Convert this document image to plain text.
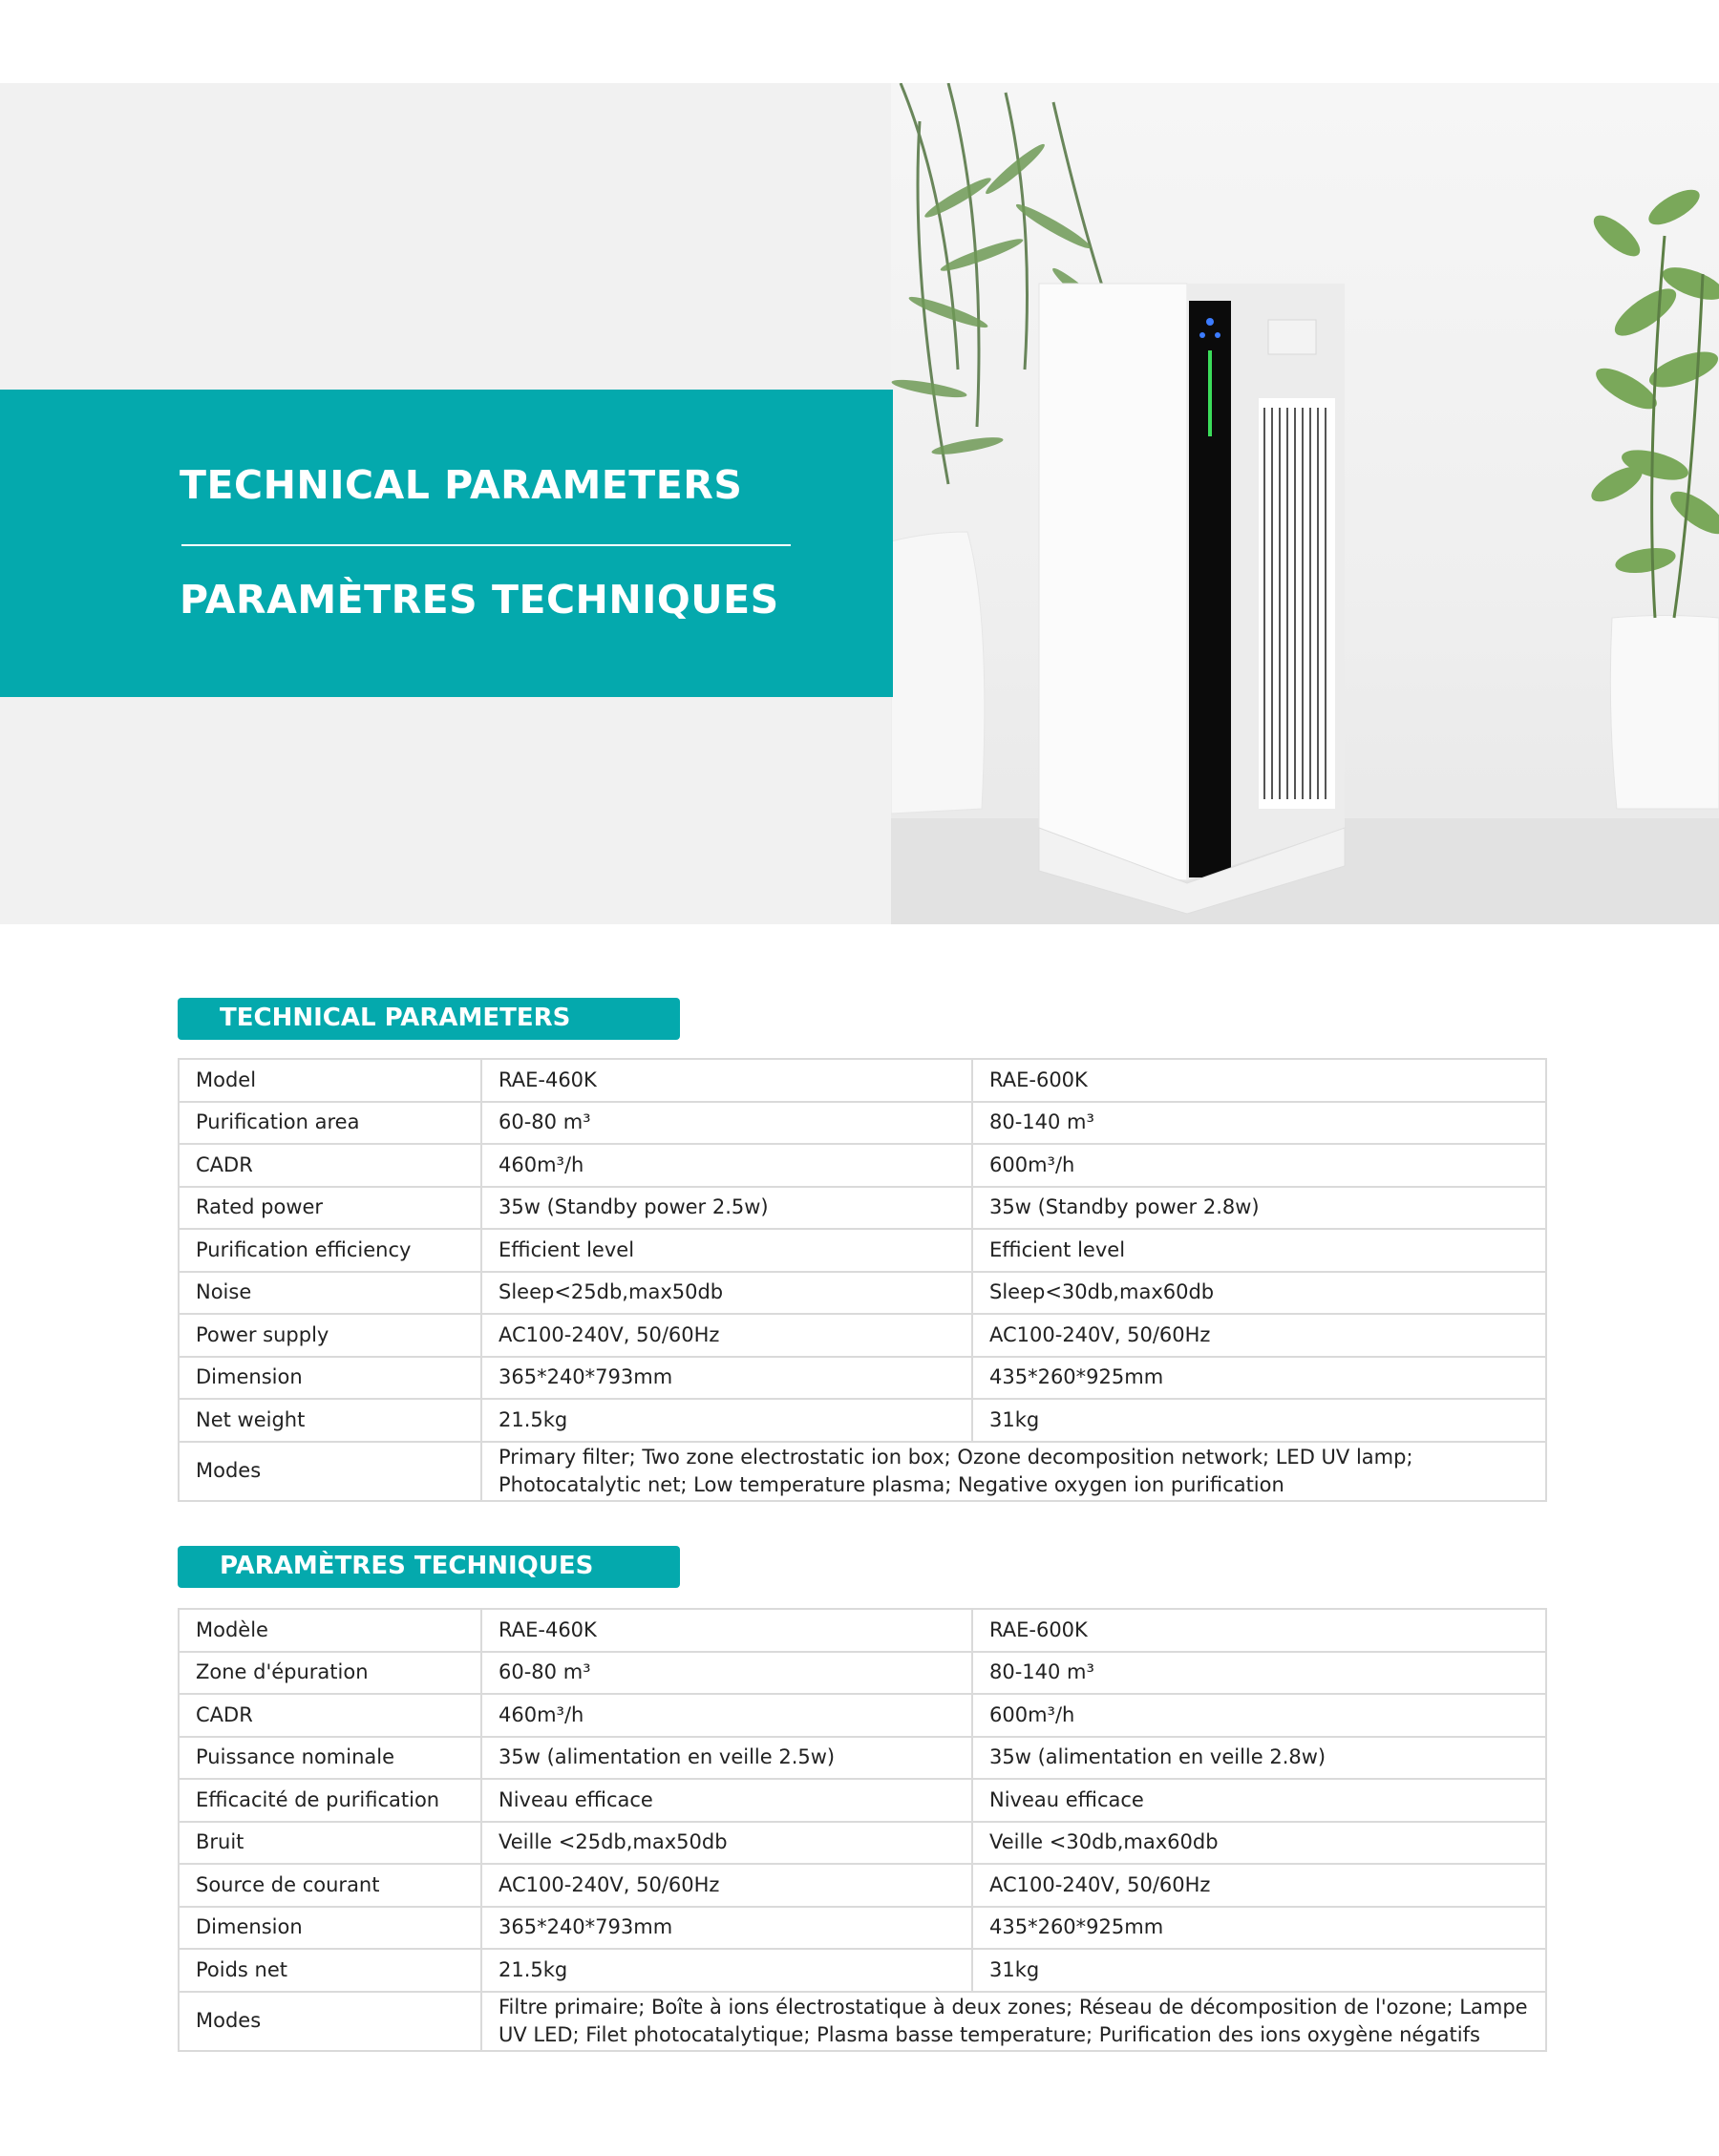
TECHNICAL PARAMETERS
PARAMÈTRES TECHNIQUES
TECHNICAL PARAMETERS
Model	RAE-460K	RAE-600K
Purification area	60-80 m³	80-140 m³
CADR	460m³/h	600m³/h
Rated power	35w (Standby power 2.5w)	35w (Standby power 2.8w)
Purification efficiency	Efficient level	Efficient level
Noise	Sleep<25db,max50db	Sleep<30db,max60db
Power supply	AC100-240V, 50/60Hz	AC100-240V, 50/60Hz
Dimension	365*240*793mm	435*260*925mm
Net weight	21.5kg	31kg
Modes	Primary filter; Two zone electrostatic ion box; Ozone decomposition network; LED UV lamp; Photocatalytic net; Low temperature plasma; Negative oxygen ion purification	
PARAMÈTRES TECHNIQUES
Modèle	RAE-460K	RAE-600K
Zone d'épuration	60-80 m³	80-140 m³
CADR	460m³/h	600m³/h
Puissance nominale	35w (alimentation en veille 2.5w)	35w (alimentation en veille 2.8w)
Efficacité de purification	Niveau efficace	Niveau efficace
Bruit	Veille <25db,max50db	Veille <30db,max60db
Source de courant	AC100-240V, 50/60Hz	AC100-240V, 50/60Hz
Dimension	365*240*793mm	435*260*925mm
Poids net	21.5kg	31kg
Modes	Filtre primaire; Boîte à ions électrostatique à deux zones; Réseau de décomposition de l'ozone; Lampe UV LED; Filet photocatalytique; Plasma basse temperature; Purification des ions oxygène négatifs	
